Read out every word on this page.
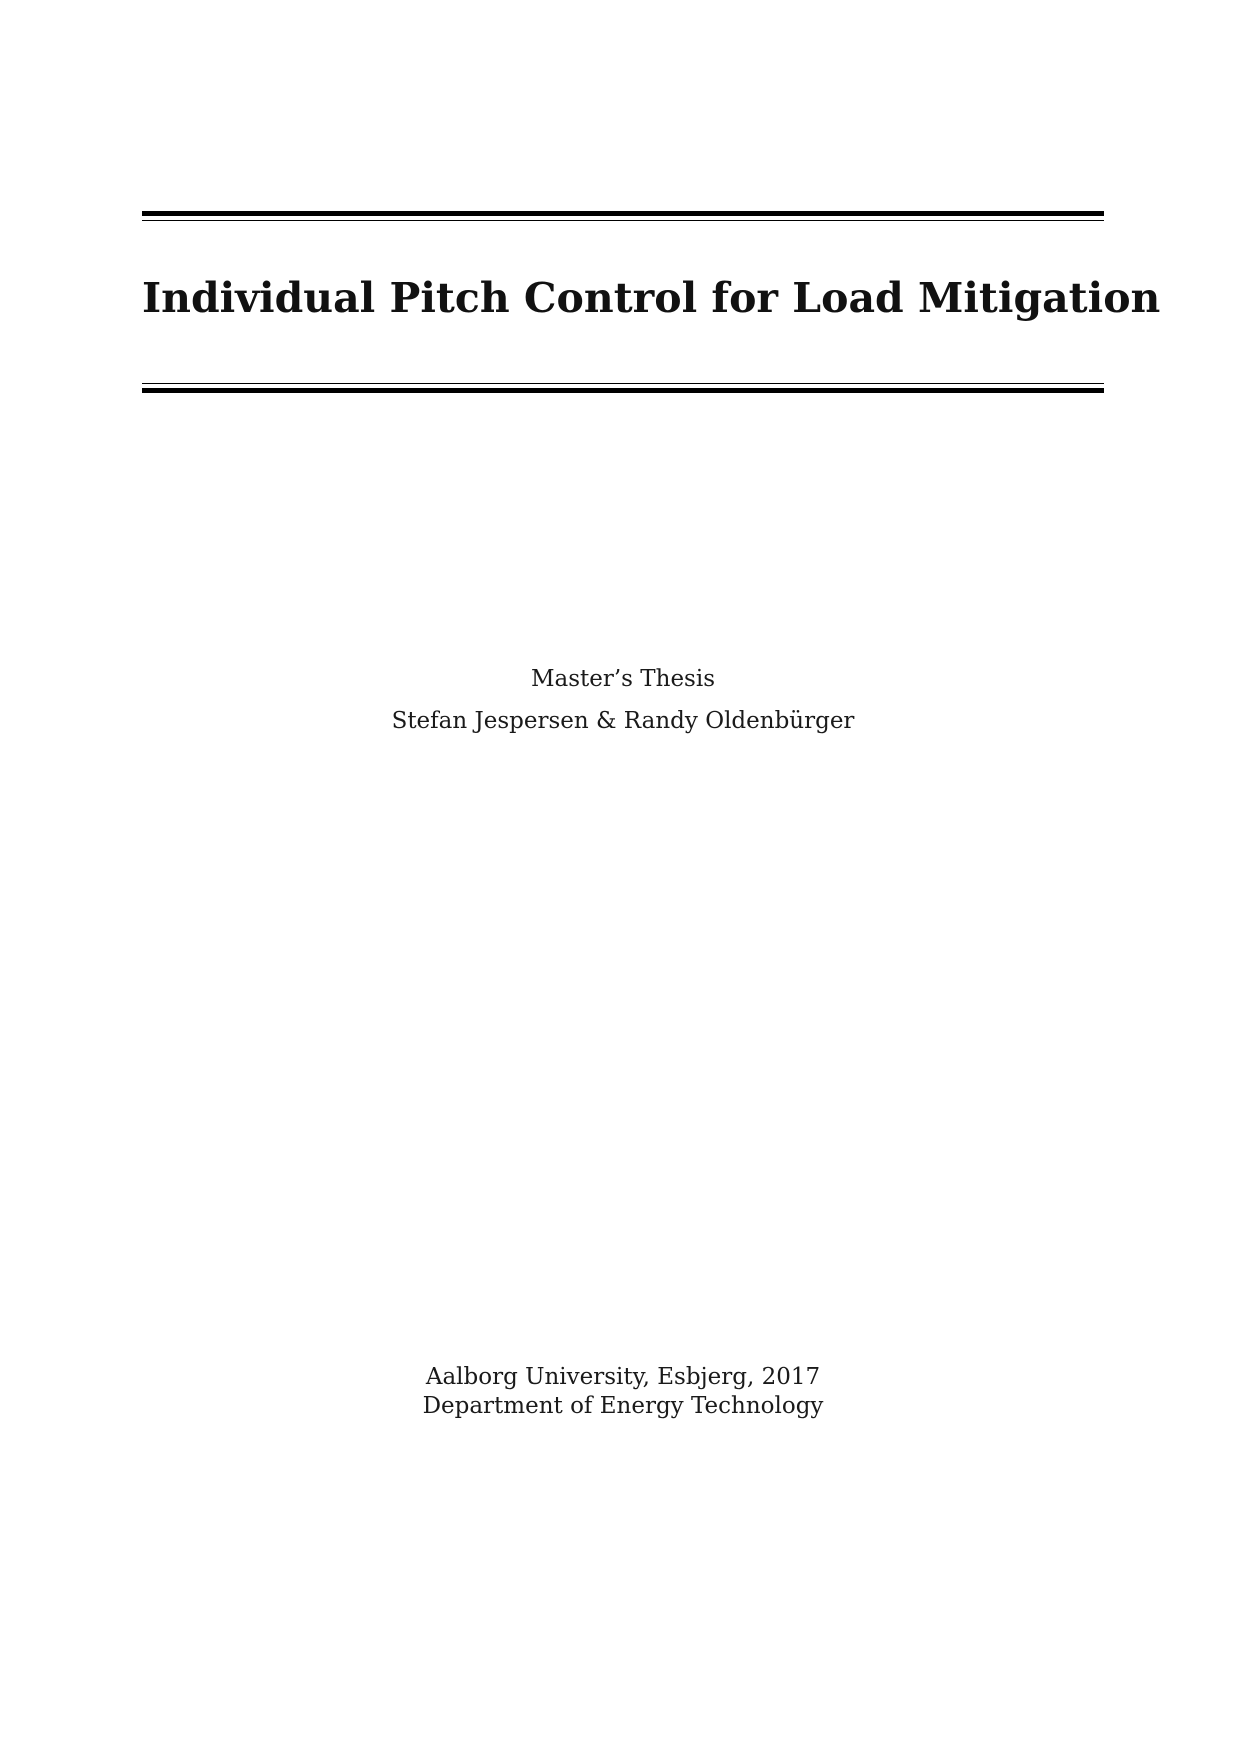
Individual Pitch Control for Load Mitigation
Master’s Thesis
Stefan Jespersen & Randy Oldenbürger
Aalborg University, Esbjerg, 2017
Department of Energy Technology
